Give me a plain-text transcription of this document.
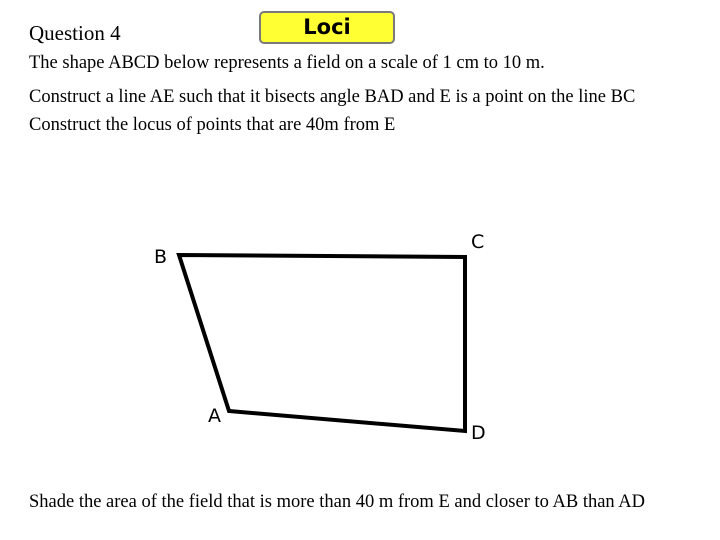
Question 4	Loci
The shape ABCD below represents a field on a scale of 1 cm to 10 m.
Construct a line AE such that it bisects angle BAD and E is a point on the line BC
Construct the locus of points that are 40m from E
B
C
A
D
Shade the area of the field that is more than 40 m from E and closer to AB than AD
